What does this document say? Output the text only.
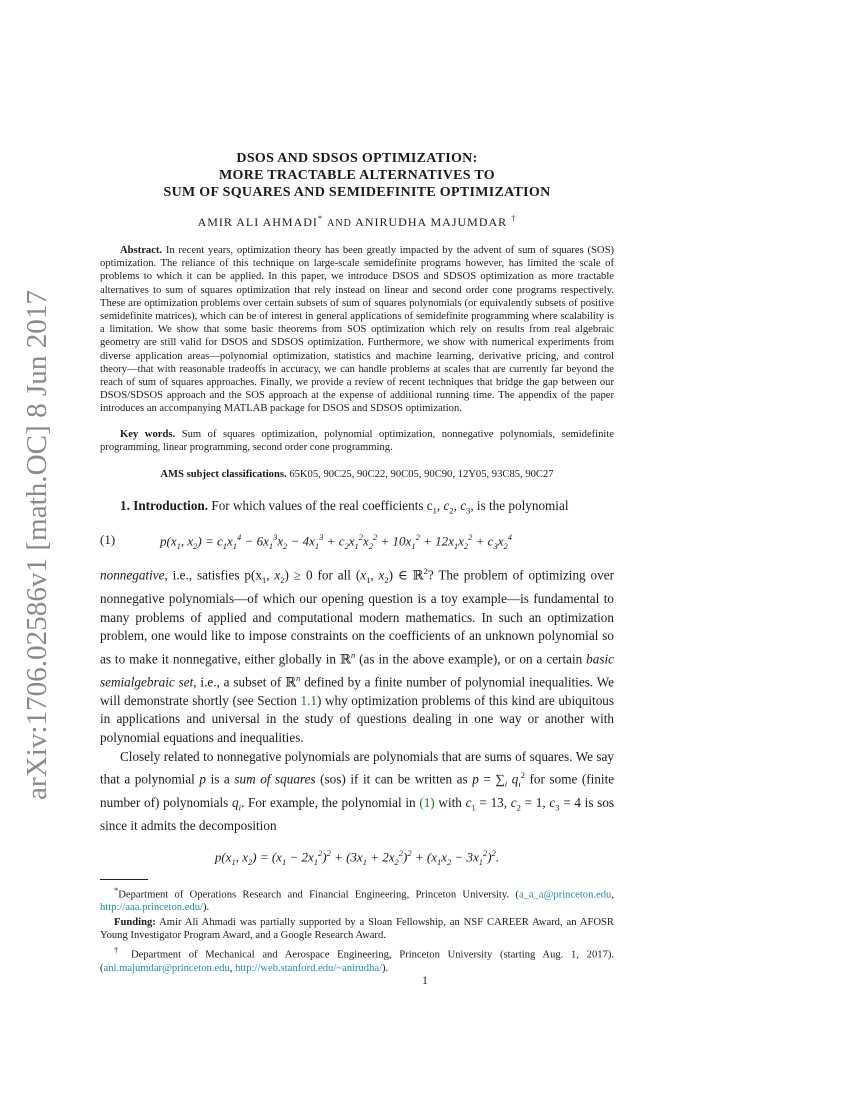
arXiv:1706.02586v1 [math.OC] 8 Jun 2017
DSOS AND SDSOS OPTIMIZATION:
MORE TRACTABLE ALTERNATIVES TO
SUM OF SQUARES AND SEMIDEFINITE OPTIMIZATION
AMIR ALI AHMADI* AND ANIRUDHA MAJUMDAR †
Abstract. In recent years, optimization theory has been greatly impacted by the advent of sum of squares (SOS) optimization. The reliance of this technique on large-scale semidefinite programs however, has limited the scale of problems to which it can be applied. In this paper, we introduce DSOS and SDSOS optimization as more tractable alternatives to sum of squares optimization that rely instead on linear and second order cone programs respectively. These are optimization problems over certain subsets of sum of squares polynomials (or equivalently subsets of positive semidefinite matrices), which can be of interest in general applications of semidefinite programming where scalability is a limitation. We show that some basic theorems from SOS optimization which rely on results from real algebraic geometry are still valid for DSOS and SDSOS optimization. Furthermore, we show with numerical experiments from diverse application areas—polynomial optimization, statistics and machine learning, derivative pricing, and control theory—that with reasonable tradeoffs in accuracy, we can handle problems at scales that are currently far beyond the reach of sum of squares approaches. Finally, we provide a review of recent techniques that bridge the gap between our DSOS/SDSOS approach and the SOS approach at the expense of additional running time. The appendix of the paper introduces an accompanying MATLAB package for DSOS and SDSOS optimization.
Key words. Sum of squares optimization, polynomial optimization, nonnegative polynomials, semidefinite programming, linear programming, second order cone programming.
AMS subject classifications. 65K05, 90C25, 90C22, 90C05, 90C90, 12Y05, 93C85, 90C27
1. Introduction. For which values of the real coefficients $c_1$, $c_2$, $c_3$, is the polynomial
(1)	$p(x_1$, $x_2) = c_1x_1^4 - 6x_1^3x_2 - 4x_1^3 + c_2x_1^2x_2^2 + 10x_1^2 + 12x_1x_2^2 + c_3x_2^4$
nonnegative, i.e., satisfies $p(x_1$, $x_2) \ge 0$ for all ($x_1$, $x_2$) ∈ ℝ$^2$? The problem of optimizing over nonnegative polynomials—of which our opening question is a toy example—is fundamental to many problems of applied and computational modern mathematics. In such an optimization problem, one would like to impose constraints on the coefficients of an unknown polynomial so as to make it nonnegative, either globally in ℝ$^n$ (as in the above example), or on a certain basic semialgebraic set, i.e., a subset of ℝ$^n$ defined by a finite number of polynomial inequalities. We will demonstrate shortly (see Section 1.1) why optimization problems of this kind are ubiquitous in applications and universal in the study of questions dealing in one way or another with polynomial equations and inequalities.
Closely related to nonnegative polynomials are polynomials that are sums of squares. We say that a polynomial p is a sum of squares (sos) if it can be written as $p = \sum_i$ $q_i^2$ for some (finite number of) polynomials $q_i$. For example, the polynomial in (1) with $c_1 = 13$, $c_2 = 1$, $c_3 = 4$ is sos since it admits the decomposition
$p(x_1$, $x_2) = (x_1 - 2x_1^2)^2 + (3x_1 + 2x_2^2)^2 + (x_1x_2 - 3x_1^2)^2$.

*Department of Operations Research and Financial Engineering, Princeton University. (a_a_a@princeton.edu, http://aaa.princeton.edu/).

Funding: Amir Ali Ahmadi was partially supported by a Sloan Fellowship, an NSF CAREER Award, an AFOSR Young Investigator Program Award, and a Google Research Award.

† Department of Mechanical and Aerospace Engineering, Princeton University (starting Aug. 1, 2017). (ani.majumdar@princeton.edu, http://web.stanford.edu/~anirudha/).

1
